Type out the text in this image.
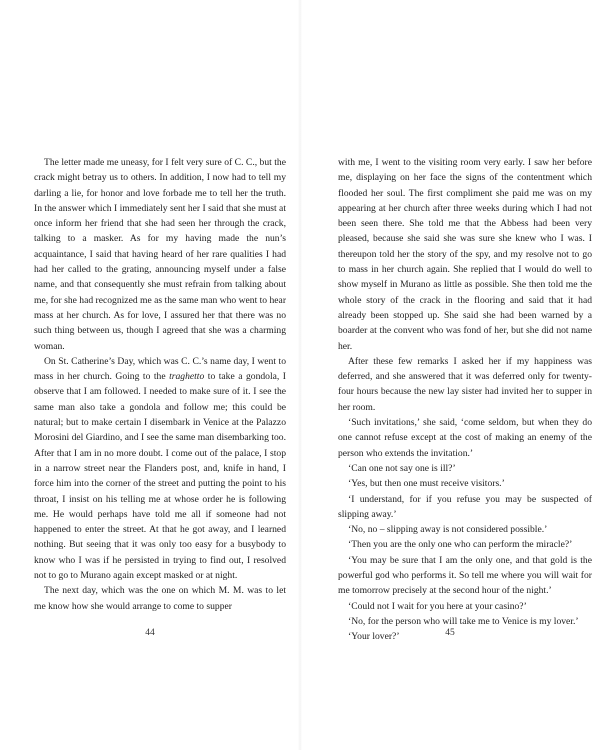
The letter made me uneasy, for I felt very sure of C. C., but the crack might betray us to others. In addition, I now had to tell my darling a lie, for honor and love forbade me to tell her the truth. In the answer which I immediately sent her I said that she must at once inform her friend that she had seen her through the crack, talking to a masker. As for my having made the nun’s acquaintance, I said that having heard of her rare qualities I had had her called to the grating, announcing myself under a false name, and that consequently she must refrain from talking about me, for she had recognized me as the same man who went to hear mass at her church. As for love, I assured her that there was no such thing between us, though I agreed that she was a charming woman.

On St. Catherine’s Day, which was C. C.’s name day, I went to mass in her church. Going to the traghetto to take a gondola, I observe that I am followed. I needed to make sure of it. I see the same man also take a gondola and follow me; this could be natural; but to make certain I disembark in Venice at the Palazzo Morosini del Giardino, and I see the same man disembarking too. After that I am in no more doubt. I come out of the palace, I stop in a narrow street near the Flanders post, and, knife in hand, I force him into the corner of the street and putting the point to his throat, I insist on his telling me at whose order he is following me. He would perhaps have told me all if someone had not happened to enter the street. At that he got away, and I learned nothing. But seeing that it was only too easy for a busybody to know who I was if he persisted in trying to find out, I resolved not to go to Murano again except masked or at night.

The next day, which was the one on which M. M. was to let me know how she would arrange to come to supper

44

with me, I went to the visiting room very early. I saw her before me, displaying on her face the signs of the contentment which flooded her soul. The first compliment she paid me was on my appearing at her church after three weeks during which I had not been seen there. She told me that the Abbess had been very pleased, because she said she was sure she knew who I was. I thereupon told her the story of the spy, and my resolve not to go to mass in her church again. She replied that I would do well to show myself in Murano as little as possible. She then told me the whole story of the crack in the flooring and said that it had already been stopped up. She said she had been warned by a boarder at the convent who was fond of her, but she did not name her.

After these few remarks I asked her if my happiness was deferred, and she answered that it was deferred only for twenty-four hours because the new lay sister had invited her to supper in her room.

‘Such invitations,’ she said, ‘come seldom, but when they do one cannot refuse except at the cost of making an enemy of the person who extends the invitation.’

‘Can one not say one is ill?’

‘Yes, but then one must receive visitors.’

‘I understand, for if you refuse you may be suspected of slipping away.’

‘No, no – slipping away is not considered possible.’

‘Then you are the only one who can perform the miracle?’

‘You may be sure that I am the only one, and that gold is the powerful god who performs it. So tell me where you will wait for me tomorrow precisely at the second hour of the night.’

‘Could not I wait for you here at your casino?’

‘No, for the person who will take me to Venice is my lover.’

‘Your lover?’	45
